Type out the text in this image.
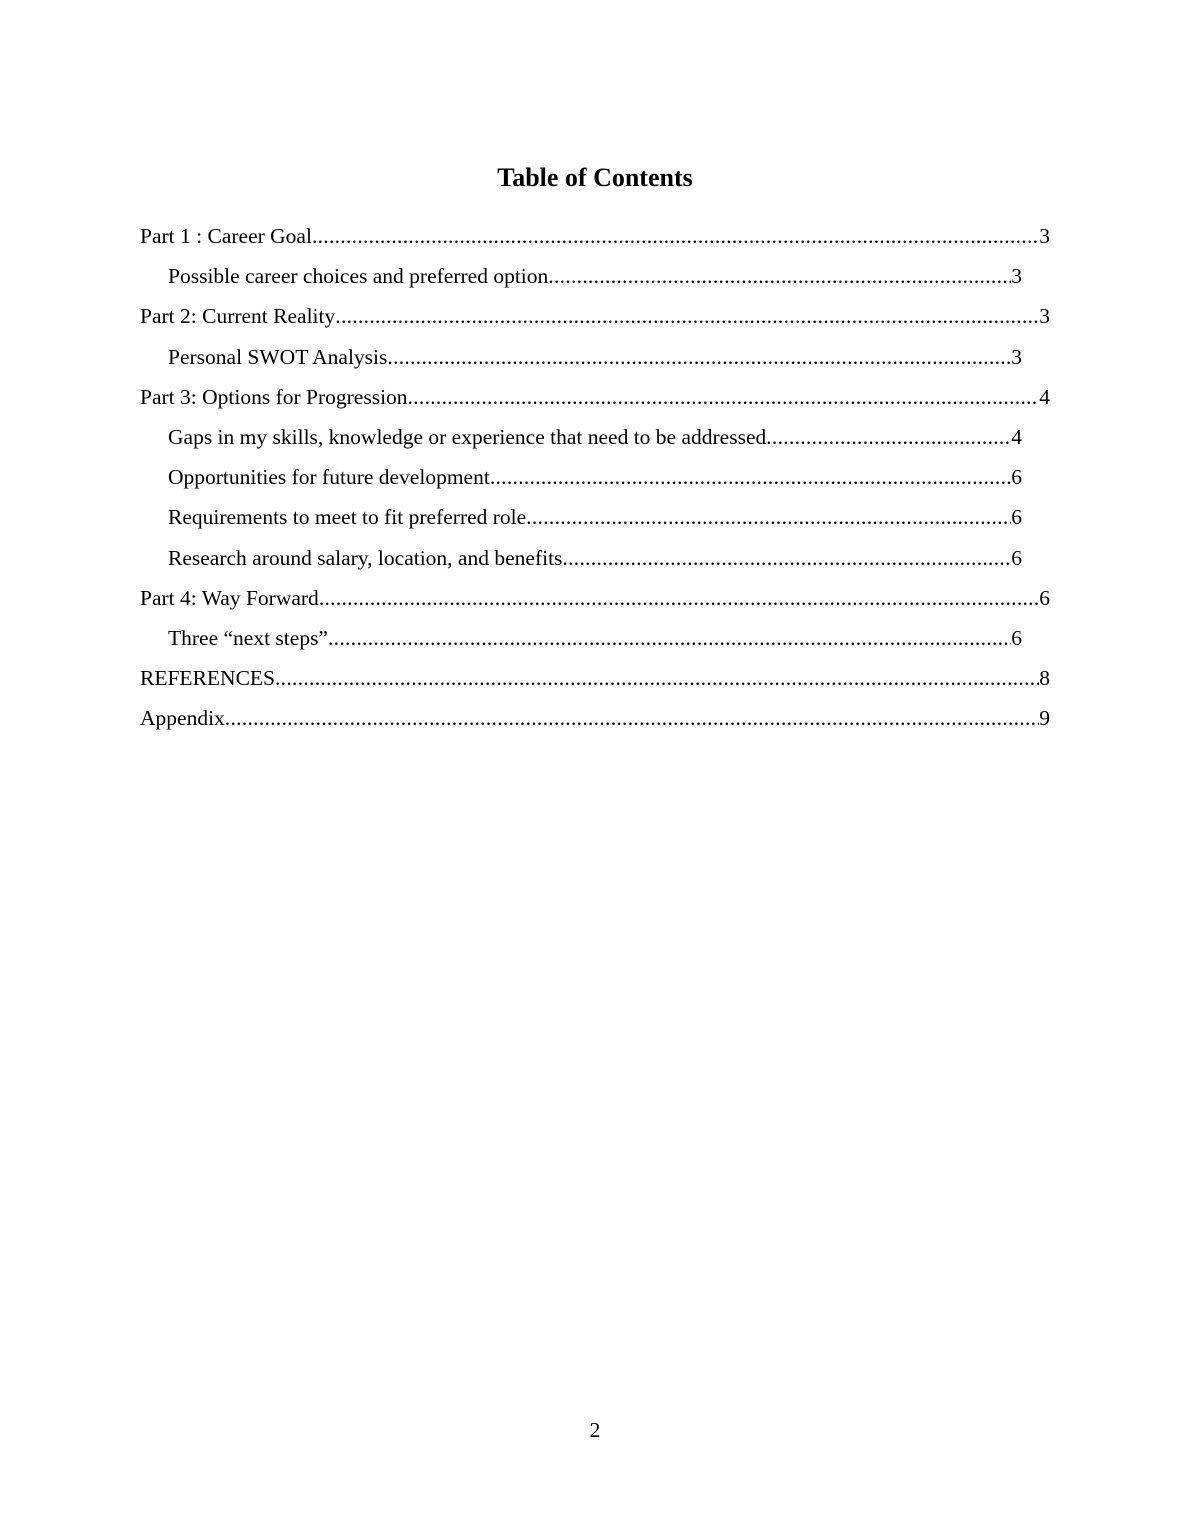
Table of Contents
Part 1 : Career Goal .....	3
Possible career choices and preferred option .....	3
Part 2: Current Reality .....	3
Personal SWOT Analysis .....	3
Part 3: Options for Progression .....	4
Gaps in my skills, knowledge or experience that need to be addressed .....	4
Opportunities for future development .....	6
Requirements to meet to fit preferred role .....	6
Research around salary, location, and benefits .....	6
Part 4: Way Forward .....	6
Three “next steps” .....	6
REFERENCES .....	8
Appendix .....	9
2
